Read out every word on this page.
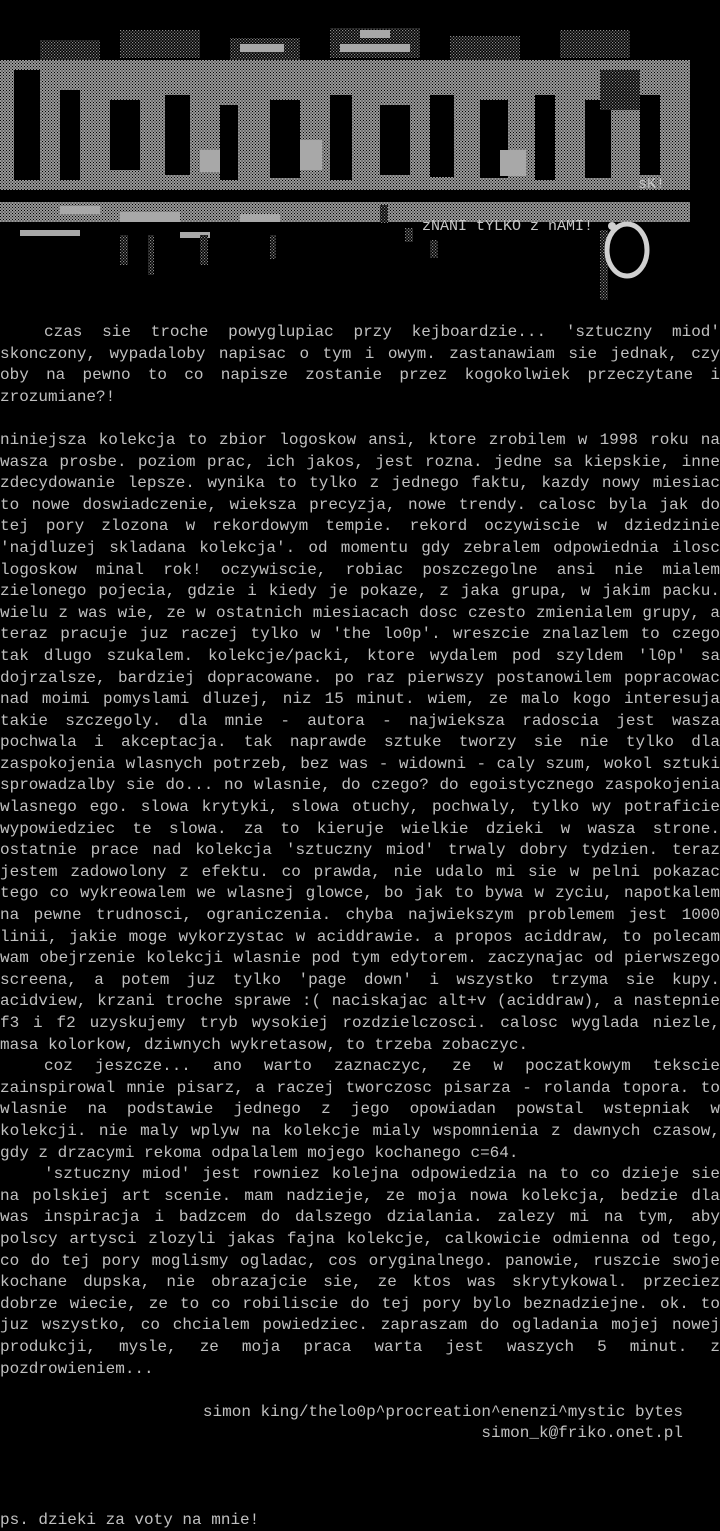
sK!
zNANI tYLKO z nAMI!

czas sie troche powyglupiac przy kejboardzie... 'sztuczny miod' skonczony, wypadaloby napisac o tym i owym. zastanawiam sie jednak, czy oby na pewno to co napisze zostanie przez kogokolwiek przeczytane i zrozumiane?!

niniejsza kolekcja to zbior logoskow ansi, ktore zrobilem w 1998 roku na wasza prosbe. poziom prac, ich jakos, jest rozna. jedne sa kiepskie, inne zdecydowanie lepsze. wynika to tylko z jednego faktu, kazdy nowy miesiac to nowe doswiadczenie, wieksza precyzja, nowe trendy. calosc byla jak do tej pory zlozona w rekordowym tempie. rekord oczywiscie w dziedzinie 'najdluzej skladana kolekcja'. od momentu gdy zebralem odpowiednia ilosc logoskow minal rok! oczywiscie, robiac poszczegolne ansi nie mialem zielonego pojecia, gdzie i kiedy je pokaze, z jaka grupa, w jakim packu. wielu z was wie, ze w ostatnich miesiacach dosc czesto zmienialem grupy, a teraz pracuje juz raczej tylko w 'the lo0p'. wreszcie znalazlem to czego tak dlugo szukalem. kolekcje/packi, ktore wydalem pod szyldem 'l0p' sa dojrzalsze, bardziej dopracowane. po raz pierwszy postanowilem popracowac nad moimi pomyslami dluzej, niz 15 minut. wiem, ze malo kogo interesuja takie szczegoly. dla mnie - autora - najwieksza radoscia jest wasza pochwala i akceptacja. tak naprawde sztuke tworzy sie nie tylko dla zaspokojenia wlasnych potrzeb, bez was - widowni - caly szum, wokol sztuki sprowadzalby sie do... no wlasnie, do czego? do egoistycznego zaspokojenia wlasnego ego. slowa krytyki, slowa otuchy, pochwaly, tylko wy potraficie wypowiedziec te slowa. za to kieruje wielkie dzieki w wasza strone. ostatnie prace nad kolekcja 'sztuczny miod' trwaly dobry tydzien. teraz jestem zadowolony z efektu. co prawda, nie udalo mi sie w pelni pokazac tego co wykreowalem we wlasnej glowce, bo jak to bywa w zyciu, napotkalem na pewne trudnosci, ograniczenia. chyba najwiekszym problemem jest 1000 linii, jakie moge wykorzystac w aciddrawie. a propos aciddraw, to polecam wam obejrzenie kolekcji wlasnie pod tym edytorem. zaczynajac od pierwszego screena, a potem juz tylko 'page down' i wszystko trzyma sie kupy. acidview, krzani troche sprawe :( naciskajac alt+v (aciddraw), a nastepnie f3 i f2 uzyskujemy tryb wysokiej rozdzielczosci. calosc wyglada niezle, masa kolorkow, dziwnych wykretasow, to trzeba zobaczyc.

coz jeszcze... ano warto zaznaczyc, ze w poczatkowym tekscie zainspirowal mnie pisarz, a raczej tworczosc pisarza - rolanda topora. to wlasnie na podstawie jednego z jego opowiadan powstal wstepniak w kolekcji. nie maly wplyw na kolekcje mialy wspomnienia z dawnych czasow, gdy z drzacymi rekoma odpalalem mojego kochanego c=64.

'sztuczny miod' jest rowniez kolejna odpowiedzia na to co dzieje sie na polskiej art scenie. mam nadzieje, ze moja nowa kolekcja, bedzie dla was inspiracja i badzcem do dalszego dzialania. zalezy mi na tym, aby polscy artysci zlozyli jakas fajna kolekcje, calkowicie odmienna od tego, co do tej pory moglismy ogladac, cos oryginalnego. panowie, ruszcie swoje kochane dupska, nie obrazajcie sie, ze ktos was skrytykowal. przeciez dobrze wiecie, ze to co robiliscie do tej pory bylo beznadziejne. ok. to juz wszystko, co chcialem powiedziec. zapraszam do ogladania mojej nowej produkcji, mysle, ze moja praca warta jest waszych 5 minut. z pozdrowieniem...

simon king/thelo0p^procreation^enenzi^mystic bytes

simon_k@friko.onet.pl

ps. dzieki za voty na mnie!
